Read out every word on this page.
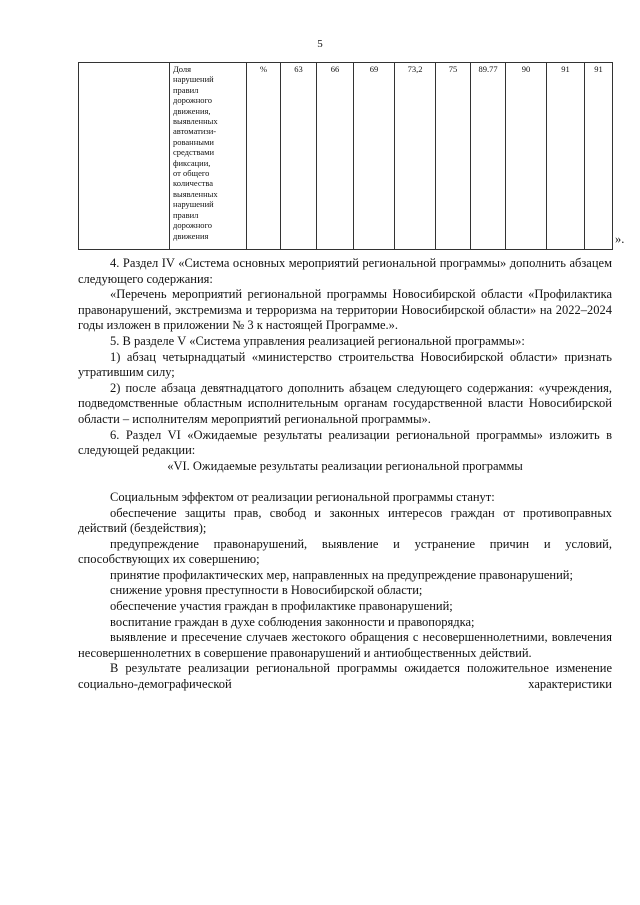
5

Доля
нарушений
правил
дорожного
движения,
выявленных
автоматизи-
рованными
средствами
фиксации,
от общего
количества
выявленных
нарушений
правил
дорожного
движения
	%	63	66	69	73,2	75	89.77	90	91	91
».

4. Раздел IV «Система основных мероприятий региональной программы» дополнить абзацем следующего содержания:

«Перечень мероприятий региональной программы Новосибирской области «Профилактика правонарушений, экстремизма и терроризма на территории Новосибирской области» на 2022–2024 годы изложен в приложении № 3 к настоящей Программе.».

5. В разделе V «Система управления реализацией региональной программы»:

1) абзац четырнадцатый «министерство строительства Новосибирской области» признать утратившим силу;

2) после абзаца девятнадцатого дополнить абзацем следующего содержания: «учреждения, подведомственные областным исполнительным органам государственной власти Новосибирской области – исполнителям мероприятий региональной программы».

6. Раздел VI «Ожидаемые результаты реализации региональной программы» изложить в следующей редакции:

«VI. Ожидаемые результаты реализации региональной программы

Социальным эффектом от реализации региональной программы станут:

обеспечение защиты прав, свобод и законных интересов граждан от противоправных действий (бездействия);

предупреждение правонарушений, выявление и устранение причин и условий, способствующих их совершению;

принятие профилактических мер, направленных на предупреждение правонарушений;

снижение уровня преступности в Новосибирской области;

обеспечение участия граждан в профилактике правонарушений;

воспитание граждан в духе соблюдения законности и правопорядка;

выявление и пресечение случаев жестокого обращения с несовершеннолетними, вовлечения несовершеннолетних в совершение правонарушений и антиобщественных действий.

В результате реализации региональной программы ожидается положительное изменение социально-демографической характеристики
